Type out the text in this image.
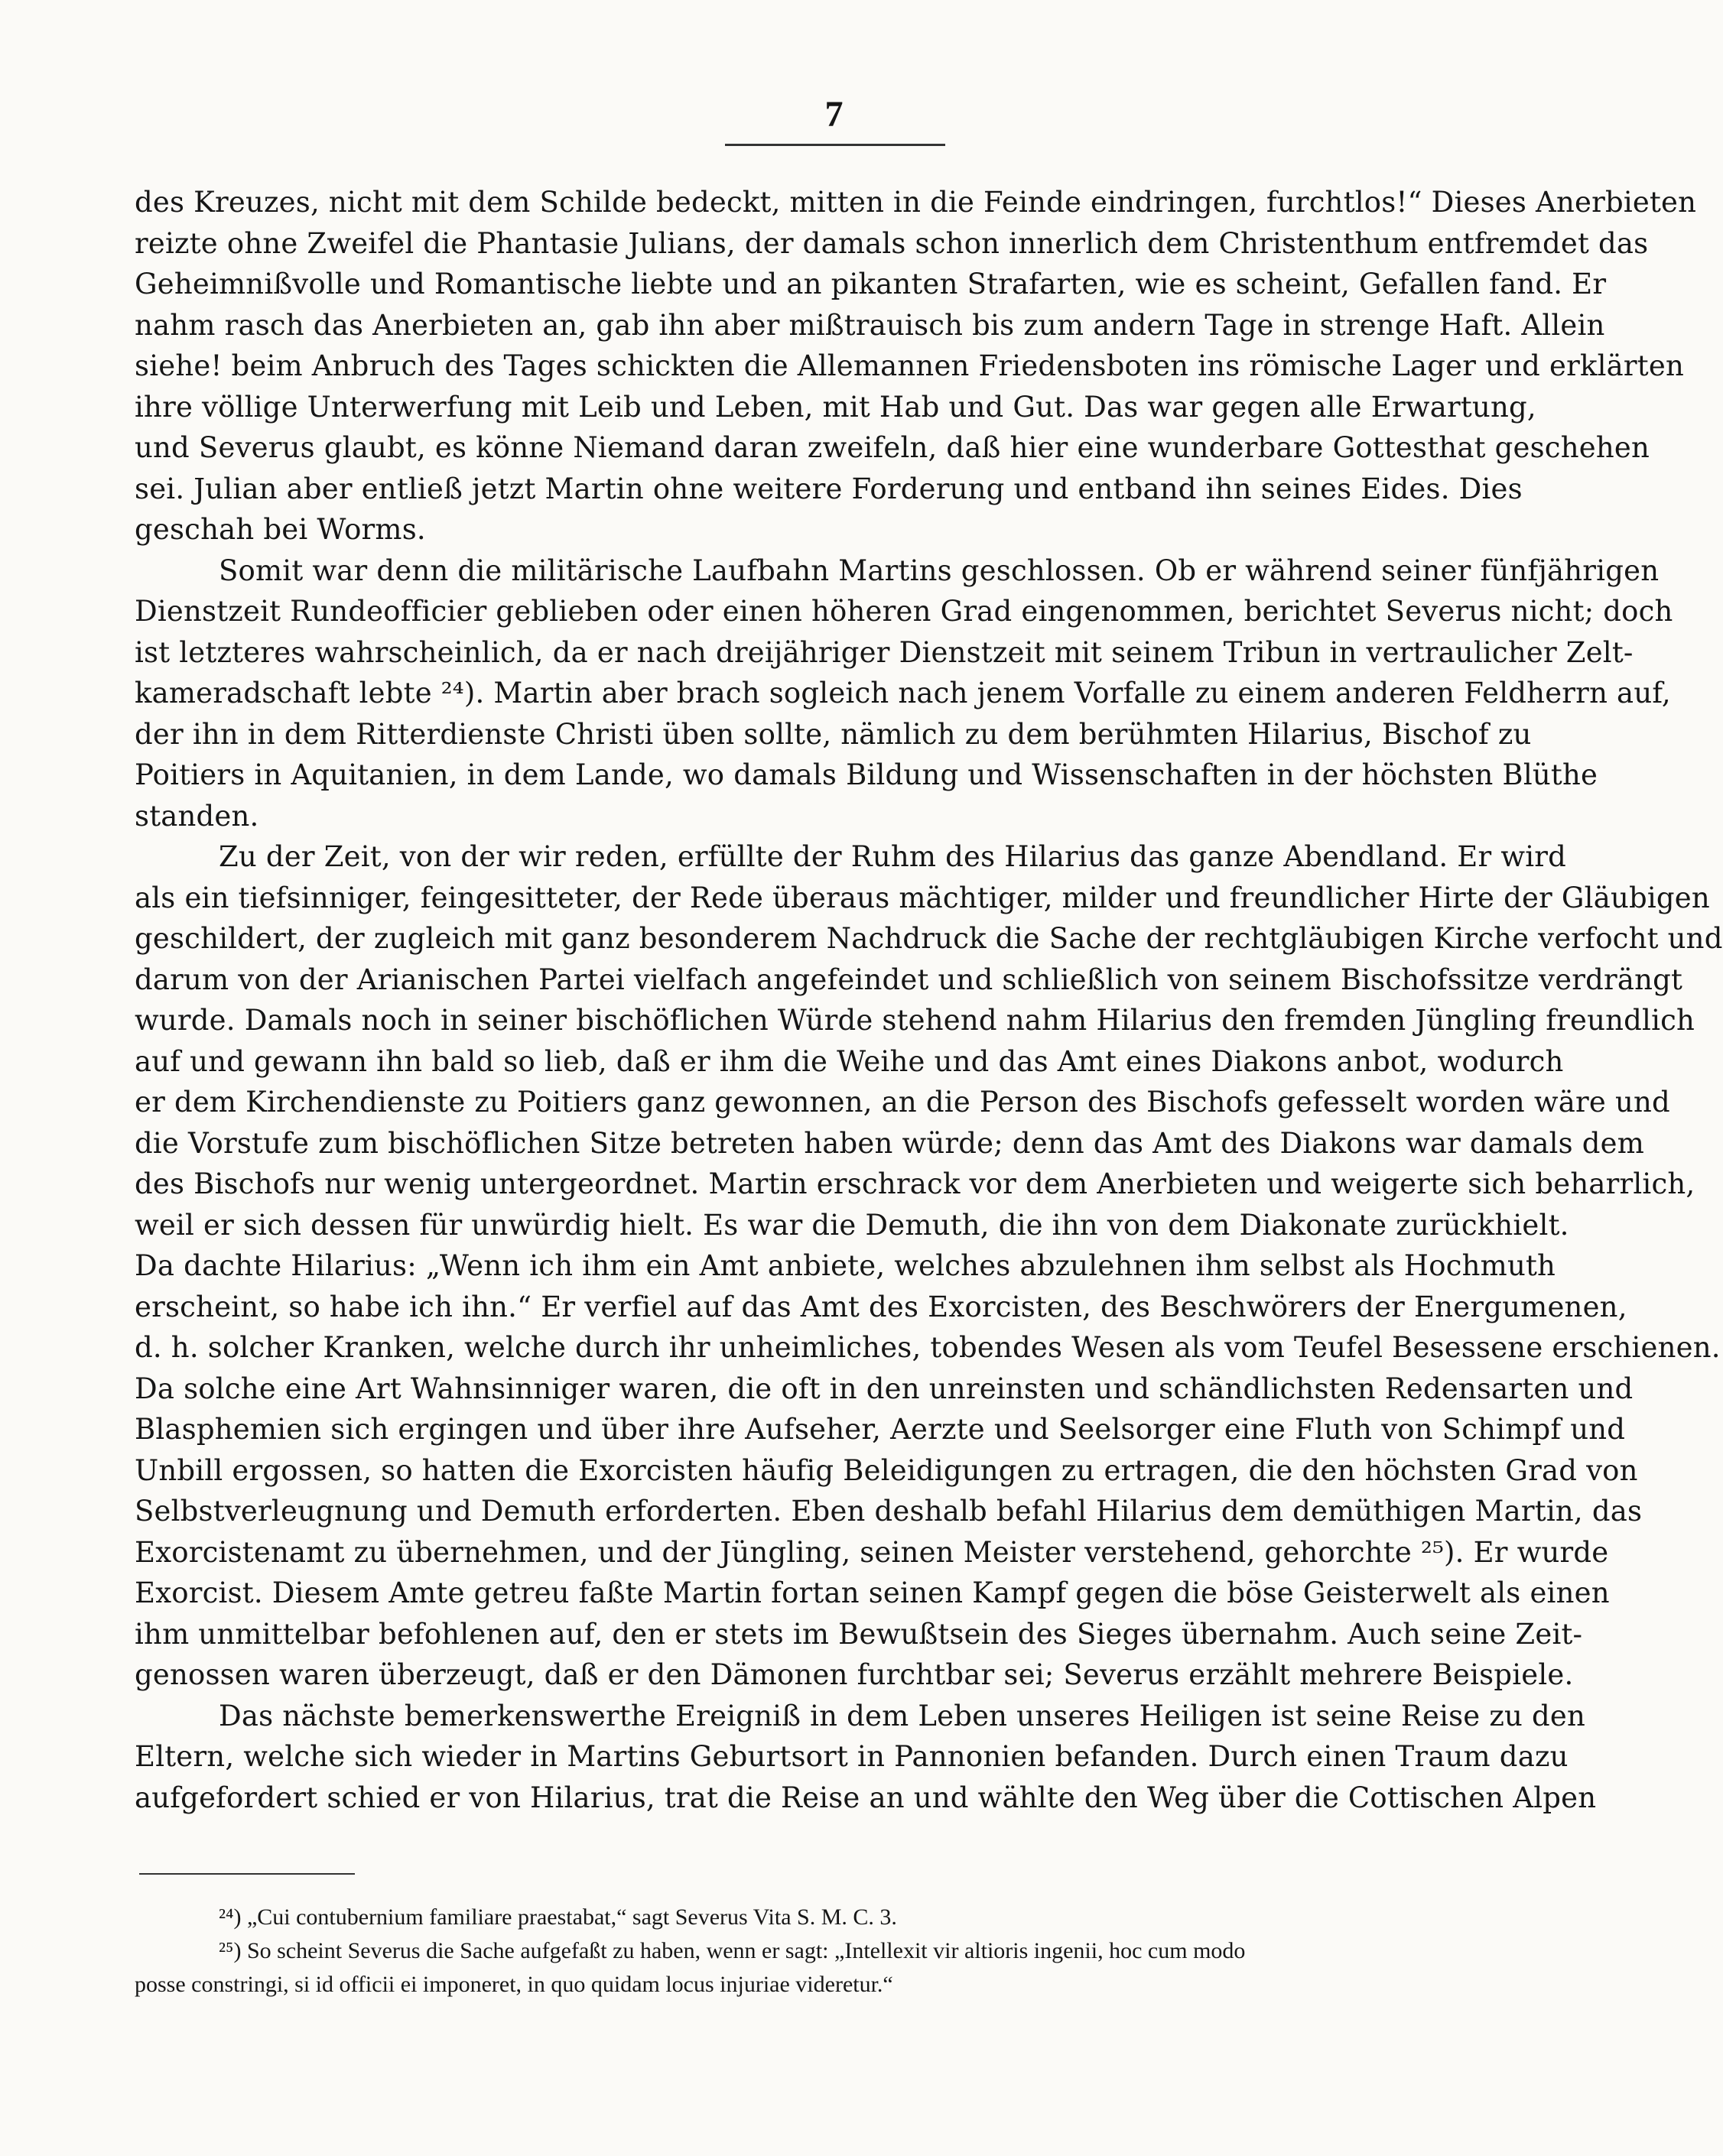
7
des Kreuzes, nicht mit dem Schilde bedeckt, mitten in die Feinde eindringen, furchtlos!“ Dieses Anerbieten
reizte ohne Zweifel die Phantasie Julians, der damals schon innerlich dem Christenthum entfremdet das
Geheimnißvolle und Romantische liebte und an pikanten Strafarten, wie es scheint, Gefallen fand. Er
nahm rasch das Anerbieten an, gab ihn aber mißtrauisch bis zum andern Tage in strenge Haft. Allein
siehe! beim Anbruch des Tages schickten die Allemannen Friedensboten ins römische Lager und erklärten
ihre völlige Unterwerfung mit Leib und Leben, mit Hab und Gut. Das war gegen alle Erwartung,
und Severus glaubt, es könne Niemand daran zweifeln, daß hier eine wunderbare Gottesthat geschehen
sei. Julian aber entließ jetzt Martin ohne weitere Forderung und entband ihn seines Eides. Dies
geschah bei Worms.
Somit war denn die militärische Laufbahn Martins geschlossen. Ob er während seiner fünfjährigen
Dienstzeit Rundeofficier geblieben oder einen höheren Grad eingenommen, berichtet Severus nicht; doch
ist letzteres wahrscheinlich, da er nach dreijähriger Dienstzeit mit seinem Tribun in vertraulicher Zelt-
kameradschaft lebte ²⁴). Martin aber brach sogleich nach jenem Vorfalle zu einem anderen Feldherrn auf,
der ihn in dem Ritterdienste Christi üben sollte, nämlich zu dem berühmten Hilarius, Bischof zu
Poitiers in Aquitanien, in dem Lande, wo damals Bildung und Wissenschaften in der höchsten Blüthe
standen.
Zu der Zeit, von der wir reden, erfüllte der Ruhm des Hilarius das ganze Abendland. Er wird
als ein tiefsinniger, feingesitteter, der Rede überaus mächtiger, milder und freundlicher Hirte der Gläubigen
geschildert, der zugleich mit ganz besonderem Nachdruck die Sache der rechtgläubigen Kirche verfocht und
darum von der Arianischen Partei vielfach angefeindet und schließlich von seinem Bischofssitze verdrängt
wurde. Damals noch in seiner bischöflichen Würde stehend nahm Hilarius den fremden Jüngling freundlich
auf und gewann ihn bald so lieb, daß er ihm die Weihe und das Amt eines Diakons anbot, wodurch
er dem Kirchendienste zu Poitiers ganz gewonnen, an die Person des Bischofs gefesselt worden wäre und
die Vorstufe zum bischöflichen Sitze betreten haben würde; denn das Amt des Diakons war damals dem
des Bischofs nur wenig untergeordnet. Martin erschrack vor dem Anerbieten und weigerte sich beharrlich,
weil er sich dessen für unwürdig hielt. Es war die Demuth, die ihn von dem Diakonate zurückhielt.
Da dachte Hilarius: „Wenn ich ihm ein Amt anbiete, welches abzulehnen ihm selbst als Hochmuth
erscheint, so habe ich ihn.“ Er verfiel auf das Amt des Exorcisten, des Beschwörers der Energumenen,
d. h. solcher Kranken, welche durch ihr unheimliches, tobendes Wesen als vom Teufel Besessene erschienen.
Da solche eine Art Wahnsinniger waren, die oft in den unreinsten und schändlichsten Redensarten und
Blasphemien sich ergingen und über ihre Aufseher, Aerzte und Seelsorger eine Fluth von Schimpf und
Unbill ergossen, so hatten die Exorcisten häufig Beleidigungen zu ertragen, die den höchsten Grad von
Selbstverleugnung und Demuth erforderten. Eben deshalb befahl Hilarius dem demüthigen Martin, das
Exorcistenamt zu übernehmen, und der Jüngling, seinen Meister verstehend, gehorchte ²⁵). Er wurde
Exorcist. Diesem Amte getreu faßte Martin fortan seinen Kampf gegen die böse Geisterwelt als einen
ihm unmittelbar befohlenen auf, den er stets im Bewußtsein des Sieges übernahm. Auch seine Zeit-
genossen waren überzeugt, daß er den Dämonen furchtbar sei; Severus erzählt mehrere Beispiele.
Das nächste bemerkenswerthe Ereigniß in dem Leben unseres Heiligen ist seine Reise zu den
Eltern, welche sich wieder in Martins Geburtsort in Pannonien befanden. Durch einen Traum dazu
aufgefordert schied er von Hilarius, trat die Reise an und wählte den Weg über die Cottischen Alpen
²⁴) „Cui contubernium familiare praestabat,“ sagt Severus Vita S. M. C. 3.
²⁵) So scheint Severus die Sache aufgefaßt zu haben, wenn er sagt: „Intellexit vir altioris ingenii, hoc cum modo
posse constringi, si id officii ei imponeret, in quo quidam locus injuriae videretur.“
